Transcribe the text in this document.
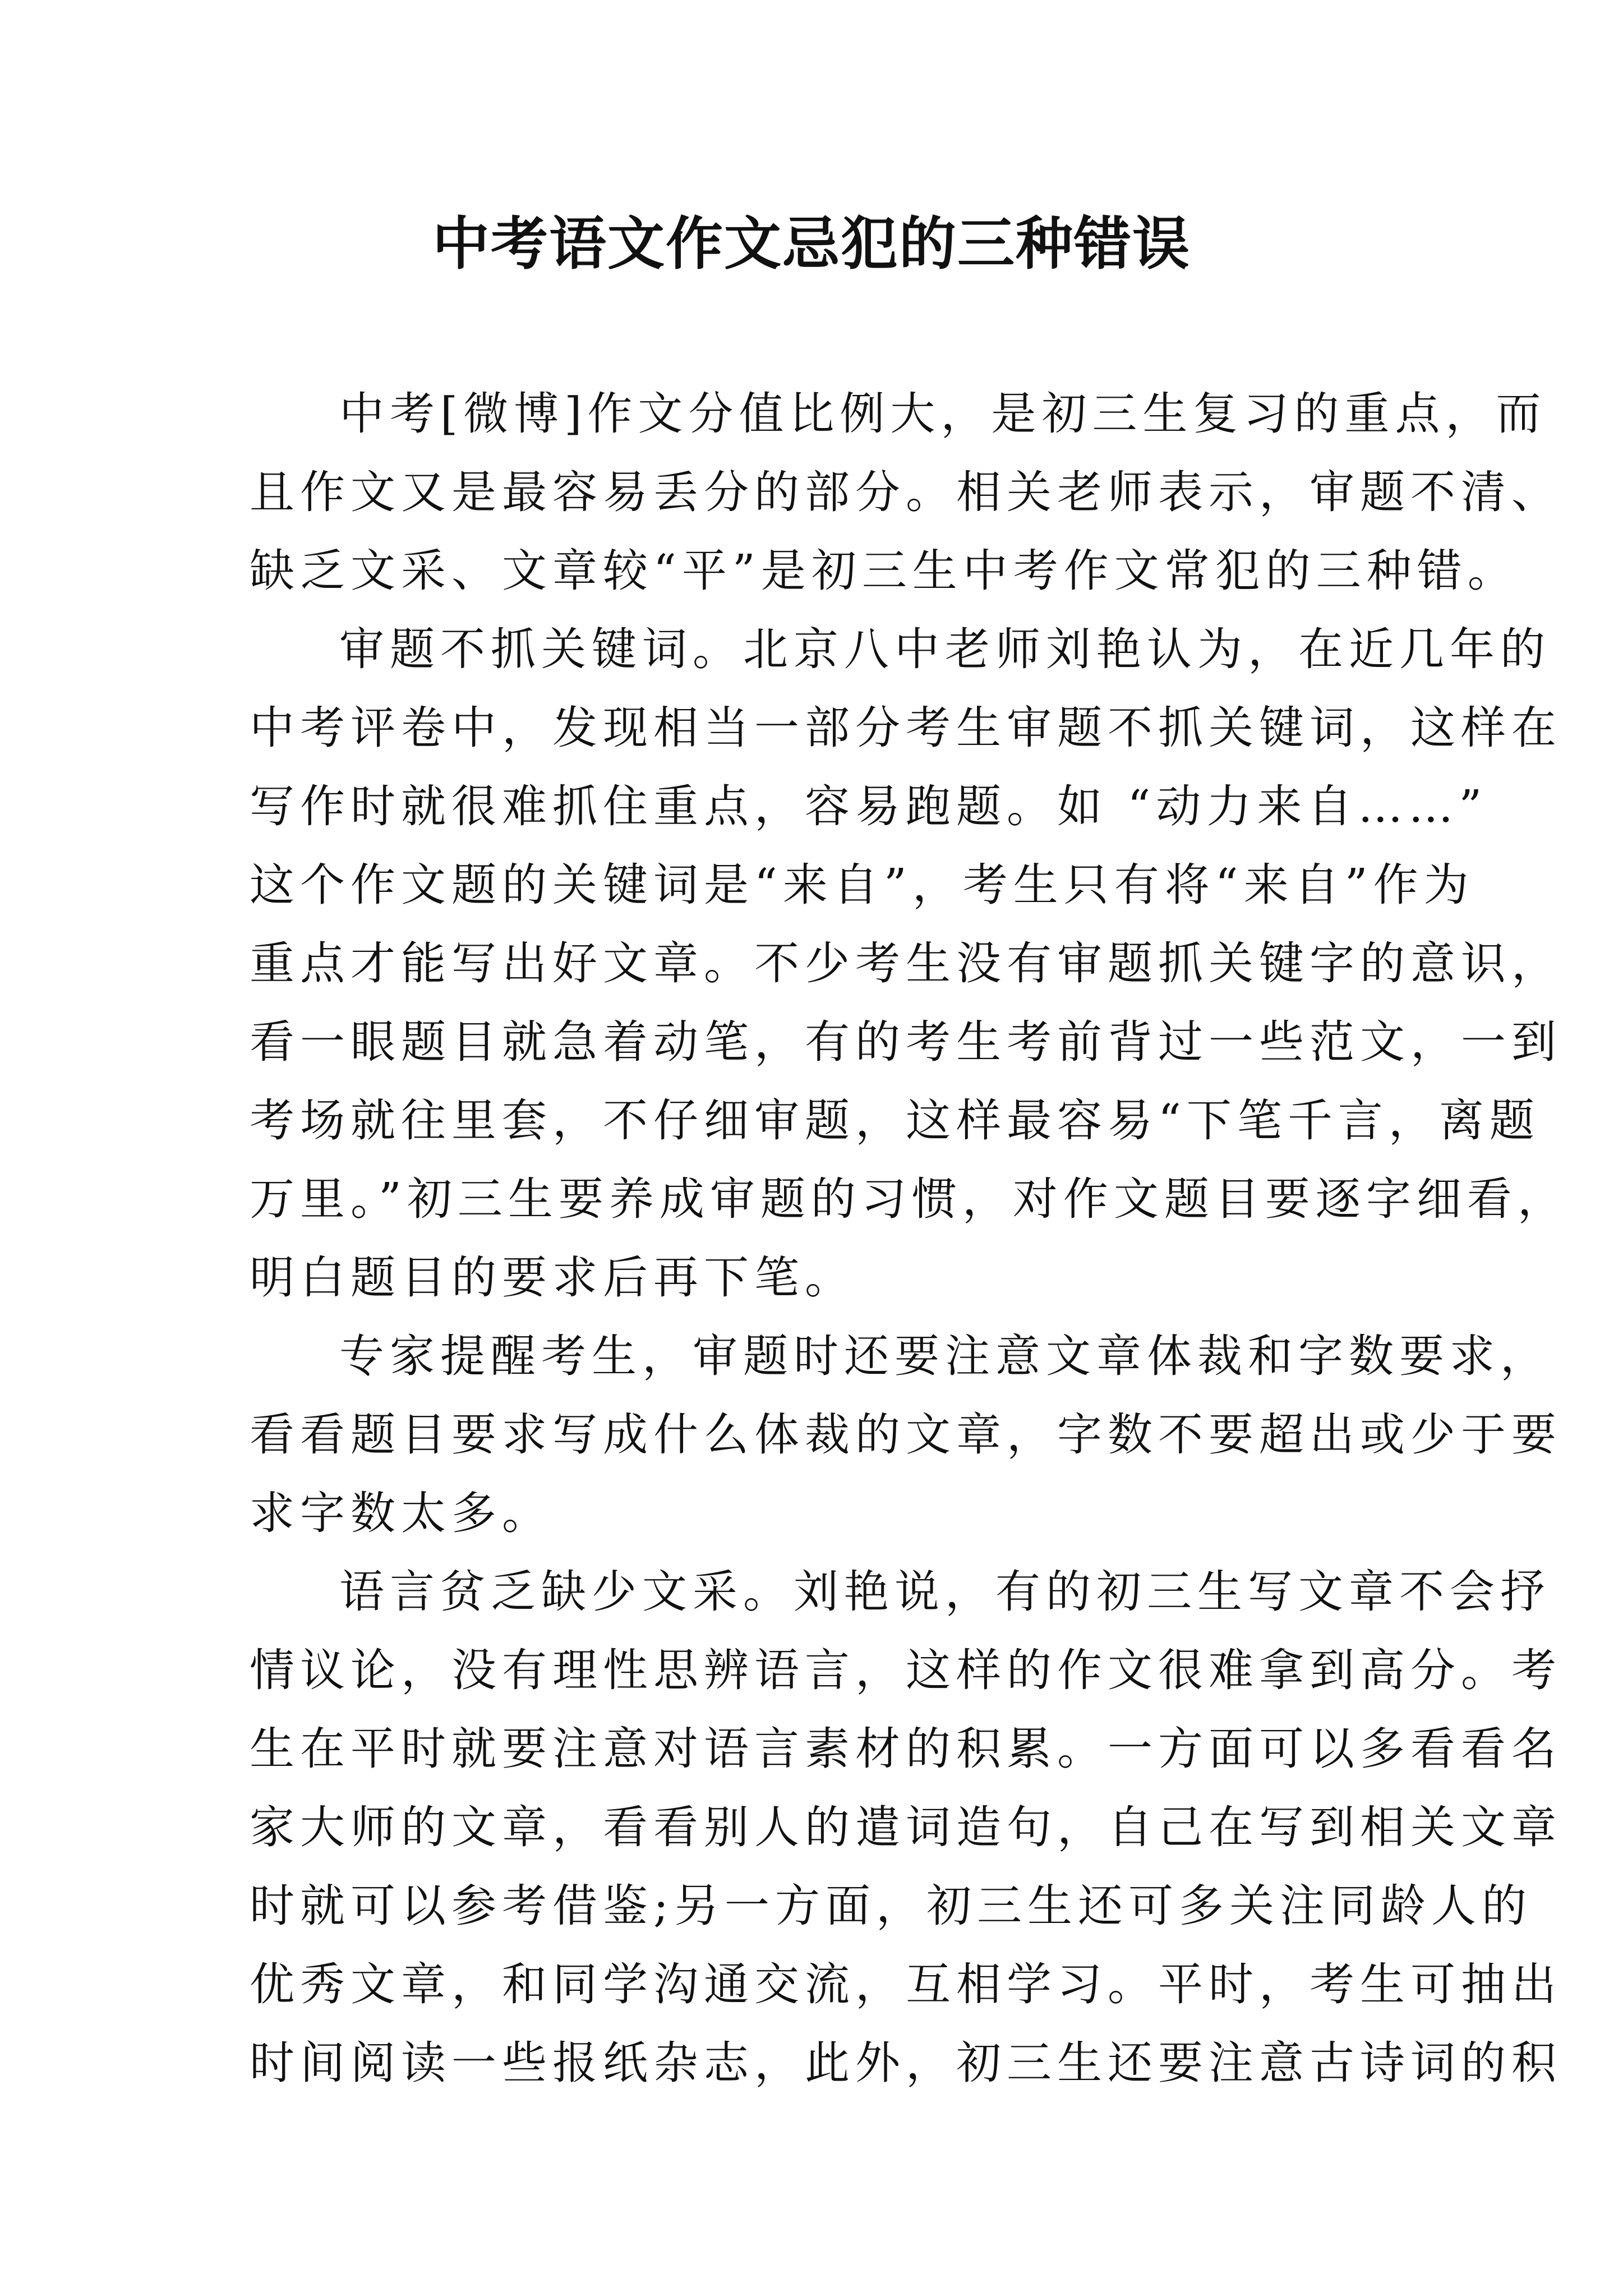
中考语文作文忌犯的三种错误
中考[微博]作文分值比例大，是初三生复习的重点，而
且作文又是最容易丢分的部分。相关老师表示，审题不清、
缺乏文采、文章较“平”是初三生中考作文常犯的三种错。
审题不抓关键词。北京八中老师刘艳认为，在近几年的
中考评卷中，发现相当一部分考生审题不抓关键词，这样在
写作时就很难抓住重点，容易跑题。如 “动力来自……”
这个作文题的关键词是“来自”，考生只有将“来自”作为
重点才能写出好文章。不少考生没有审题抓关键字的意识，
看一眼题目就急着动笔，有的考生考前背过一些范文，一到
考场就往里套，不仔细审题，这样最容易“下笔千言，离题
万里。”初三生要养成审题的习惯，对作文题目要逐字细看，
明白题目的要求后再下笔。
专家提醒考生，审题时还要注意文章体裁和字数要求，
看看题目要求写成什么体裁的文章，字数不要超出或少于要
求字数太多。
语言贫乏缺少文采。刘艳说，有的初三生写文章不会抒
情议论，没有理性思辨语言，这样的作文很难拿到高分。考
生在平时就要注意对语言素材的积累。一方面可以多看看名
家大师的文章，看看别人的遣词造句，自己在写到相关文章
时就可以参考借鉴;另一方面，初三生还可多关注同龄人的
优秀文章，和同学沟通交流，互相学习。平时，考生可抽出
时间阅读一些报纸杂志，此外，初三生还要注意古诗词的积
